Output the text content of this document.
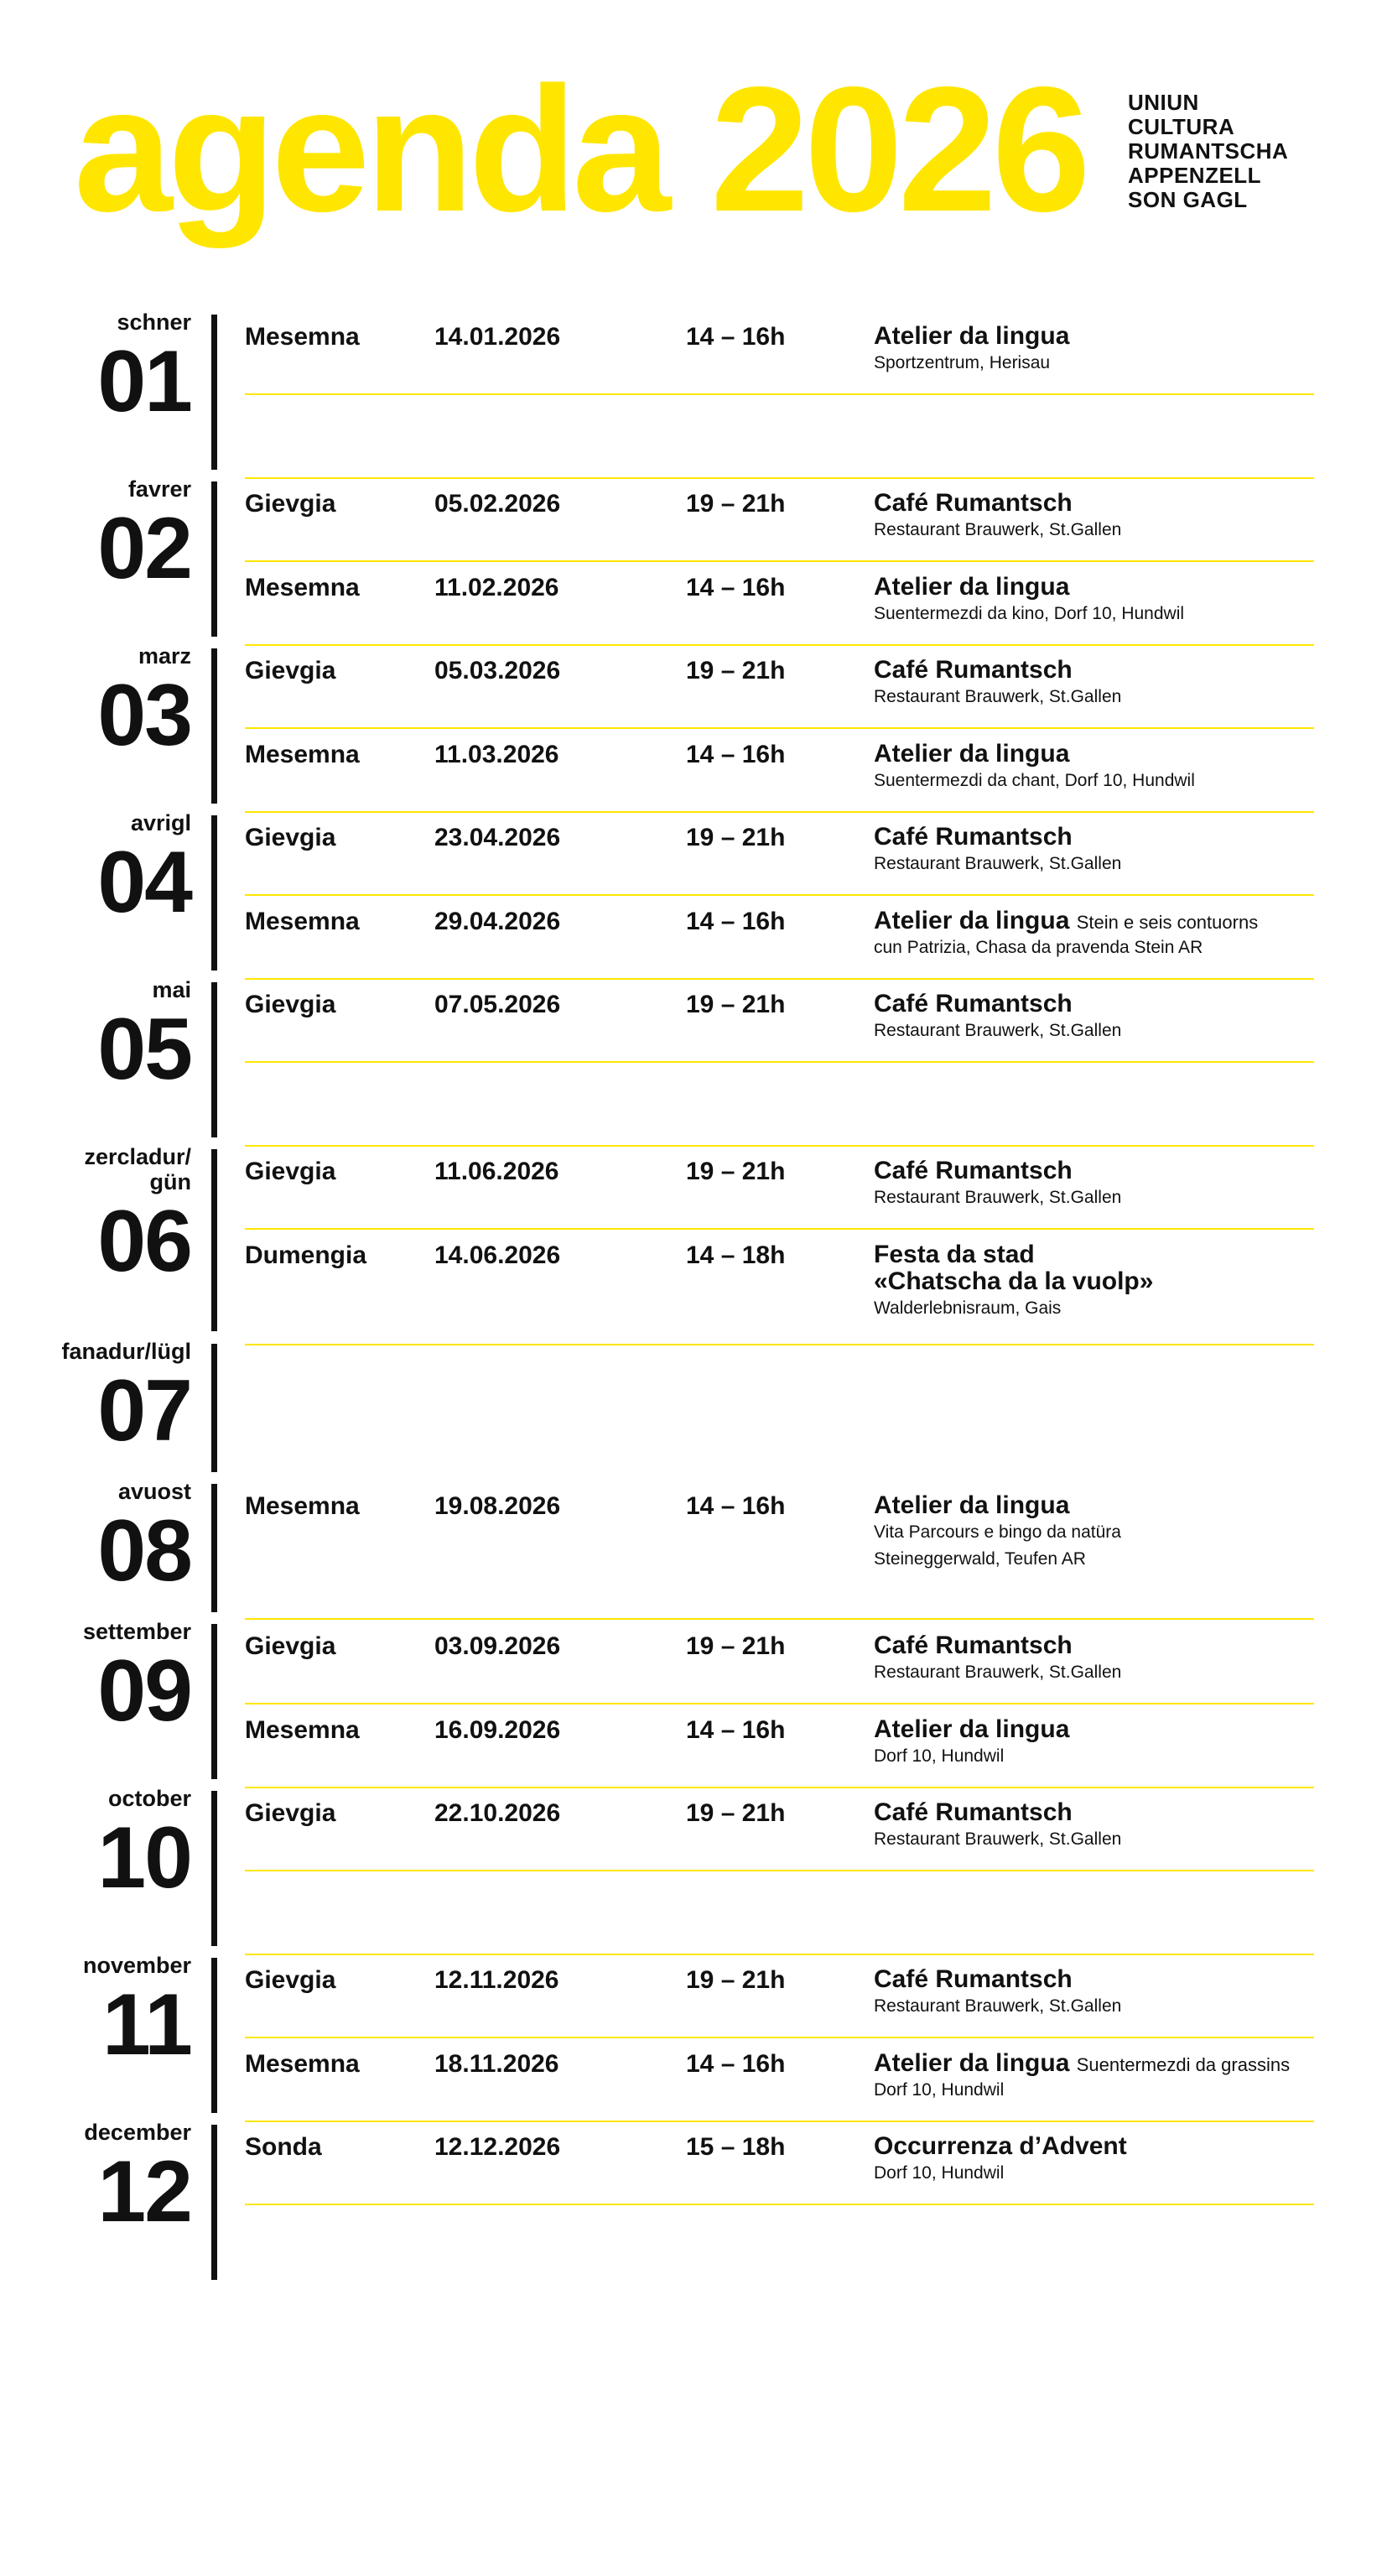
agenda 2026 UNIUN
CULTURA
RUMANTSCHA
APPENZELL
SON GAGL
schner
01 Mesemna	14.01.2026	14 – 16h	Atelier da lingua
Sportzentrum, Herisau
favrer
02 Gievgia	05.02.2026	19 – 21h	Café Rumantsch
Restaurant Brauwerk, St.Gallen
Mesemna	11.02.2026	14 – 16h	Atelier da lingua
Suentermezdi da kino, Dorf 10, Hundwil
marz
03 Gievgia	05.03.2026	19 – 21h	Café Rumantsch
Restaurant Brauwerk, St.Gallen
Mesemna	11.03.2026	14 – 16h	Atelier da lingua
Suentermezdi da chant, Dorf 10, Hundwil
avrigl
04 Gievgia	23.04.2026	19 – 21h	Café Rumantsch
Restaurant Brauwerk, St.Gallen
Mesemna	29.04.2026	14 – 16h	Atelier da lingua Stein e seis contuorns
cun Patrizia, Chasa da pravenda Stein AR
mai
05 Gievgia	07.05.2026	19 – 21h	Café Rumantsch
Restaurant Brauwerk, St.Gallen
zercladur/
gün
06
Gievgia	11.06.2026	19 – 21h	Café Rumantsch
Restaurant Brauwerk, St.Gallen
Dumengia	14.06.2026	14 – 18h	Festa da stad
«Chatscha da la vuolp»
Walderlebnisraum, Gais
fanadur/lügl
07
avuost
08 Mesemna	19.08.2026	14 – 16h	Atelier da lingua
Vita Parcours e bingo da natüra
Steineggerwald, Teufen AR
settember
09 Gievgia	03.09.2026	19 – 21h	Café Rumantsch
Restaurant Brauwerk, St.Gallen
Mesemna	16.09.2026	14 – 16h	Atelier da lingua
Dorf 10, Hundwil
october
10 Gievgia	22.10.2026	19 – 21h	Café Rumantsch
Restaurant Brauwerk, St.Gallen
november
11 Gievgia	12.11.2026	19 – 21h	Café Rumantsch
Restaurant Brauwerk, St.Gallen
Mesemna	18.11.2026	14 – 16h	Atelier da lingua Suentermezdi da grassins
Dorf 10, Hundwil
december
12 Sonda	12.12.2026	15 – 18h	Occurrenza d’Advent
Dorf 10, Hundwil
